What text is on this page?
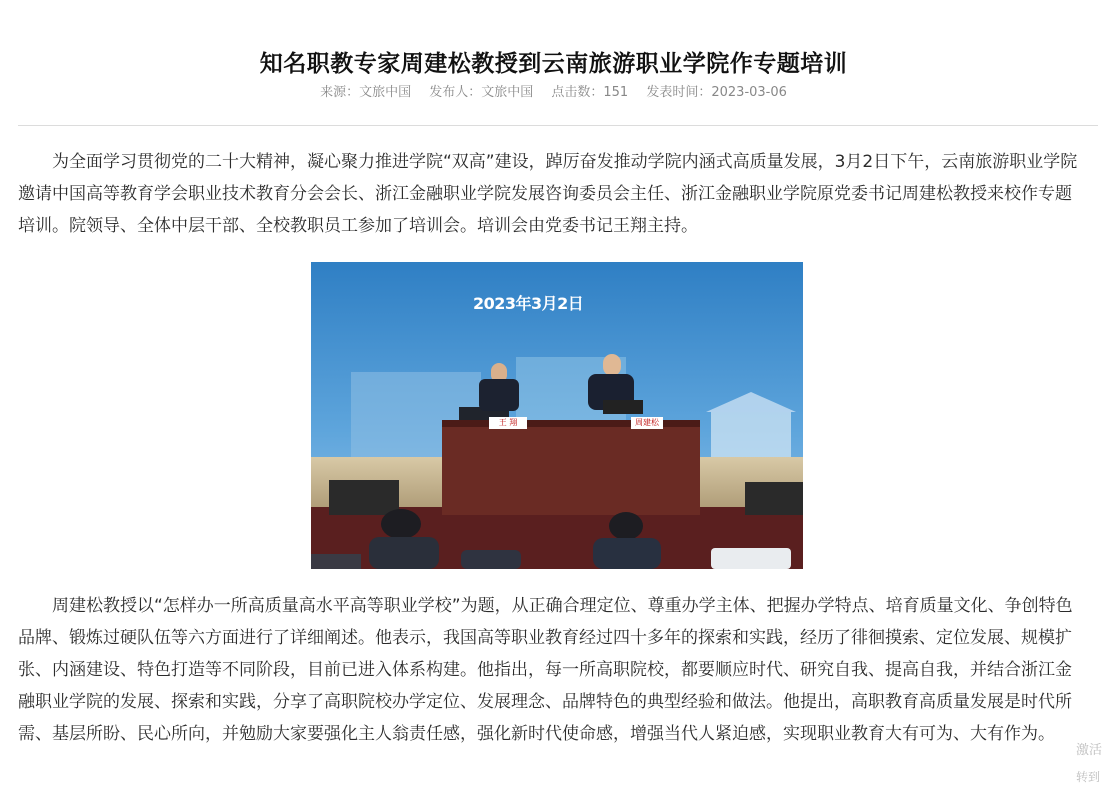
知名职教专家周建松教授到云南旅游职业学院作专题培训
来源：文旅中国 发布人：文旅中国 点击数：151 发表时间：2023-03-06

为全面学习贯彻党的二十大精神，凝心聚力推进学院“双高”建设，踔厉奋发推动学院内涵式高质量发展，3月2日下午，云南旅游职业学院邀请中国高等教育学会职业技术教育分会会长、浙江金融职业学院发展咨询委员会主任、浙江金融职业学院原党委书记周建松教授来校作专题培训。院领导、全体中层干部、全校教职员工参加了培训会。培训会由党委书记王翔主持。

2023年3月2日
王 翔	周建松

周建松教授以“怎样办一所高质量高水平高等职业学校”为题，从正确合理定位、尊重办学主体、把握办学特点、培育质量文化、争创特色品牌、锻炼过硬队伍等六方面进行了详细阐述。他表示，我国高等职业教育经过四十多年的探索和实践，经历了徘徊摸索、定位发展、规模扩张、内涵建设、特色打造等不同阶段，目前已进入体系构建。他指出，每一所高职院校，都要顺应时代、研究自我、提高自我，并结合浙江金融职业学院的发展、探索和实践，分享了高职院校办学定位、发展理念、品牌特色的典型经验和做法。他提出，高职教育高质量发展是时代所需、基层所盼、民心所向，并勉励大家要强化主人翁责任感，强化新时代使命感，增强当代人紧迫感，实现职业教育大有可为、大有作为。

激活
转到
